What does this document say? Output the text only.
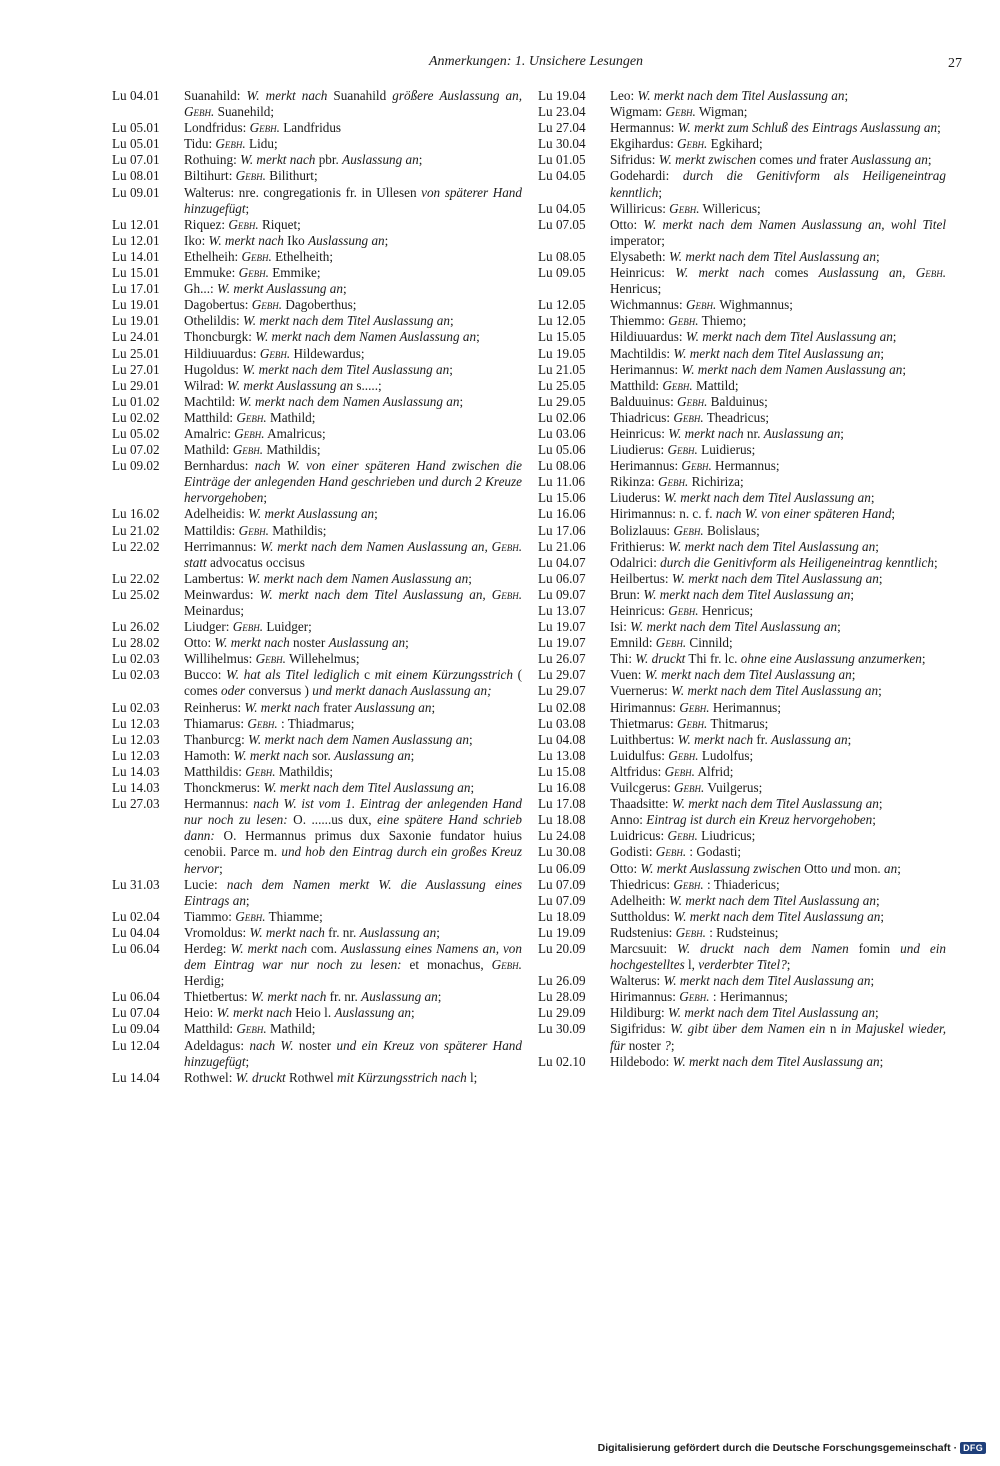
Anmerkungen: 1. Unsichere Lesungen	27
Lu 04.01	Suanahild: W. merkt nach Suanahild größere Auslassung an, Gebh. Suanehild;
Lu 05.01	Londfridus: Gebh. Landfridus
Lu 05.01	Tidu: Gebh. Lidu;
Lu 07.01	Rothuing: W. merkt nach pbr. Auslassung an;
Lu 08.01	Biltihurt: Gebh. Bilithurt;
Lu 09.01	Walterus: nre. congregationis fr. in Ullesen von späterer Hand hinzugefügt;
Lu 12.01	Riquez: Gebh. Riquet;
Lu 12.01	Iko: W. merkt nach Iko Auslassung an;
Lu 14.01	Ethelheih: Gebh. Ethelheith;
Lu 15.01	Emmuke: Gebh. Emmike;
Lu 17.01	Gh...: W. merkt Auslassung an;
Lu 19.01	Dagobertus: Gebh. Dagoberthus;
Lu 19.01	Othelildis: W. merkt nach dem Titel Auslassung an;
Lu 24.01	Thoncburgk: W. merkt nach dem Namen Auslassung an;
Lu 25.01	Hildiuuardus: Gebh. Hildewardus;
Lu 27.01	Hugoldus: W. merkt nach dem Titel Auslassung an;
Lu 29.01	Wilrad: W. merkt Auslassung an s.....;
Lu 01.02	Machtild: W. merkt nach dem Namen Auslassung an;
Lu 02.02	Matthild: Gebh. Mathild;
Lu 05.02	Amalric: Gebh. Amalricus;
Lu 07.02	Mathild: Gebh. Mathildis;
Lu 09.02	Bernhardus: nach W. von einer späteren Hand zwischen die Einträge der anlegenden Hand geschrieben und durch 2 Kreuze hervorgehoben;
Lu 16.02	Adelheidis: W. merkt Auslassung an;
Lu 21.02	Mattildis: Gebh. Mathildis;
Lu 22.02	Herrimannus: W. merkt nach dem Namen Auslassung an, Gebh. statt advocatus occisus
Lu 22.02	Lambertus: W. merkt nach dem Namen Auslassung an;
Lu 25.02	Meinwardus: W. merkt nach dem Titel Auslassung an, Gebh. Meinardus;
Lu 26.02	Liudger: Gebh. Luidger;
Lu 28.02	Otto: W. merkt nach noster Auslassung an;
Lu 02.03	Willihelmus: Gebh. Willehelmus;
Lu 02.03	Bucco: W. hat als Titel lediglich c mit einem Kürzungsstrich ( comes oder conversus ) und merkt danach Auslassung an;
Lu 02.03	Reinherus: W. merkt nach frater Auslassung an;
Lu 12.03	Thiamarus: Gebh. : Thiadmarus;
Lu 12.03	Thanburcg: W. merkt nach dem Namen Auslassung an;
Lu 12.03	Hamoth: W. merkt nach sor. Auslassung an;
Lu 14.03	Matthildis: Gebh. Mathildis;
Lu 14.03	Thonckmerus: W. merkt nach dem Titel Auslassung an;
Lu 27.03	Hermannus: nach W. ist vom 1. Eintrag der anlegenden Hand nur noch zu lesen: O. ......us dux, eine spätere Hand schrieb dann: O. Hermannus primus dux Saxonie fundator huius cenobii. Parce m. und hob den Eintrag durch ein großes Kreuz hervor;
Lu 31.03	Lucie: nach dem Namen merkt W. die Auslassung eines Eintrags an;
Lu 02.04	Tiammo: Gebh. Thiamme;
Lu 04.04	Vromoldus: W. merkt nach fr. nr. Auslassung an;
Lu 06.04	Herdeg: W. merkt nach com. Auslassung eines Namens an, von dem Eintrag war nur noch zu lesen: et monachus, Gebh. Herdig;
Lu 06.04	Thietbertus: W. merkt nach fr. nr. Auslassung an;
Lu 07.04	Heio: W. merkt nach Heio l. Auslassung an;
Lu 09.04	Matthild: Gebh. Mathild;
Lu 12.04	Adeldagus: nach W. noster und ein Kreuz von späterer Hand hinzugefügt;
Lu 14.04	Rothwel: W. druckt Rothwel mit Kürzungsstrich nach l;
Lu 19.04	Leo: W. merkt nach dem Titel Auslassung an;
Lu 23.04	Wigmam: Gebh. Wigman;
Lu 27.04	Hermannus: W. merkt zum Schluß des Eintrags Auslassung an;
Lu 30.04	Ekgihardus: Gebh. Egkihard;
Lu 01.05	Sifridus: W. merkt zwischen comes und frater Auslassung an;
Lu 04.05	Godehardi: durch die Genitivform als Heiligeneintrag kenntlich;
Lu 04.05	Williricus: Gebh. Willericus;
Lu 07.05	Otto: W. merkt nach dem Namen Auslassung an, wohl Titel imperator;
Lu 08.05	Elysabeth: W. merkt nach dem Titel Auslassung an;
Lu 09.05	Heinricus: W. merkt nach comes Auslassung an, Gebh. Henricus;
Lu 12.05	Wichmannus: Gebh. Wighmannus;
Lu 12.05	Thiemmo: Gebh. Thiemo;
Lu 15.05	Hildiuuardus: W. merkt nach dem Titel Auslassung an;
Lu 19.05	Machtildis: W. merkt nach dem Titel Auslassung an;
Lu 21.05	Herimannus: W. merkt nach dem Namen Auslassung an;
Lu 25.05	Matthild: Gebh. Mattild;
Lu 29.05	Balduuinus: Gebh. Balduinus;
Lu 02.06	Thiadricus: Gebh. Theadricus;
Lu 03.06	Heinricus: W. merkt nach nr. Auslassung an;
Lu 05.06	Liudierus: Gebh. Luidierus;
Lu 08.06	Herimannus: Gebh. Hermannus;
Lu 11.06	Rikinza: Gebh. Richiriza;
Lu 15.06	Liuderus: W. merkt nach dem Titel Auslassung an;
Lu 16.06	Hirimannus: n. c. f. nach W. von einer späteren Hand;
Lu 17.06	Bolizlauus: Gebh. Bolislaus;
Lu 21.06	Frithierus: W. merkt nach dem Titel Auslassung an;
Lu 04.07	Odalrici: durch die Genitivform als Heiligeneintrag kenntlich;
Lu 06.07	Heilbertus: W. merkt nach dem Titel Auslassung an;
Lu 09.07	Brun: W. merkt nach dem Titel Auslassung an;
Lu 13.07	Heinricus: Gebh. Henricus;
Lu 19.07	Isi: W. merkt nach dem Titel Auslassung an;
Lu 19.07	Emnild: Gebh. Cinnild;
Lu 26.07	Thi: W. druckt Thi fr. lc. ohne eine Auslassung anzumerken;
Lu 29.07	Vuen: W. merkt nach dem Titel Auslassung an;
Lu 29.07	Vuernerus: W. merkt nach dem Titel Auslassung an;
Lu 02.08	Hirimannus: Gebh. Herimannus;
Lu 03.08	Thietmarus: Gebh. Thitmarus;
Lu 04.08	Luithbertus: W. merkt nach fr. Auslassung an;
Lu 13.08	Luidulfus: Gebh. Ludolfus;
Lu 15.08	Altfridus: Gebh. Alfrid;
Lu 16.08	Vuilcgerus: Gebh. Vuilgerus;
Lu 17.08	Thaadsitte: W. merkt nach dem Titel Auslassung an;
Lu 18.08	Anno: Eintrag ist durch ein Kreuz hervorgehoben;
Lu 24.08	Luidricus: Gebh. Liudricus;
Lu 30.08	Godisti: Gebh. : Godasti;
Lu 06.09	Otto: W. merkt Auslassung zwischen Otto und mon. an;
Lu 07.09	Thiedricus: Gebh. : Thiadericus;
Lu 07.09	Adelheith: W. merkt nach dem Titel Auslassung an;
Lu 18.09	Suttholdus: W. merkt nach dem Titel Auslassung an;
Lu 19.09	Rudstenius: Gebh. : Rudsteinus;
Lu 20.09	Marcsuuit: W. druckt nach dem Namen fomin und ein hochgestelltes l, verderbter Titel?;
Lu 26.09	Walterus: W. merkt nach dem Titel Auslassung an;
Lu 28.09	Hirimannus: Gebh. : Herimannus;
Lu 29.09	Hildiburg: W. merkt nach dem Titel Auslassung an;
Lu 30.09	Sigifridus: W. gibt über dem Namen ein n in Majuskel wieder, für noster ?;
Lu 02.10	Hildebodo: W. merkt nach dem Titel Auslassung an;
Digitalisierung gefördert durch die Deutsche Forschungsgemeinschaft · DFG
